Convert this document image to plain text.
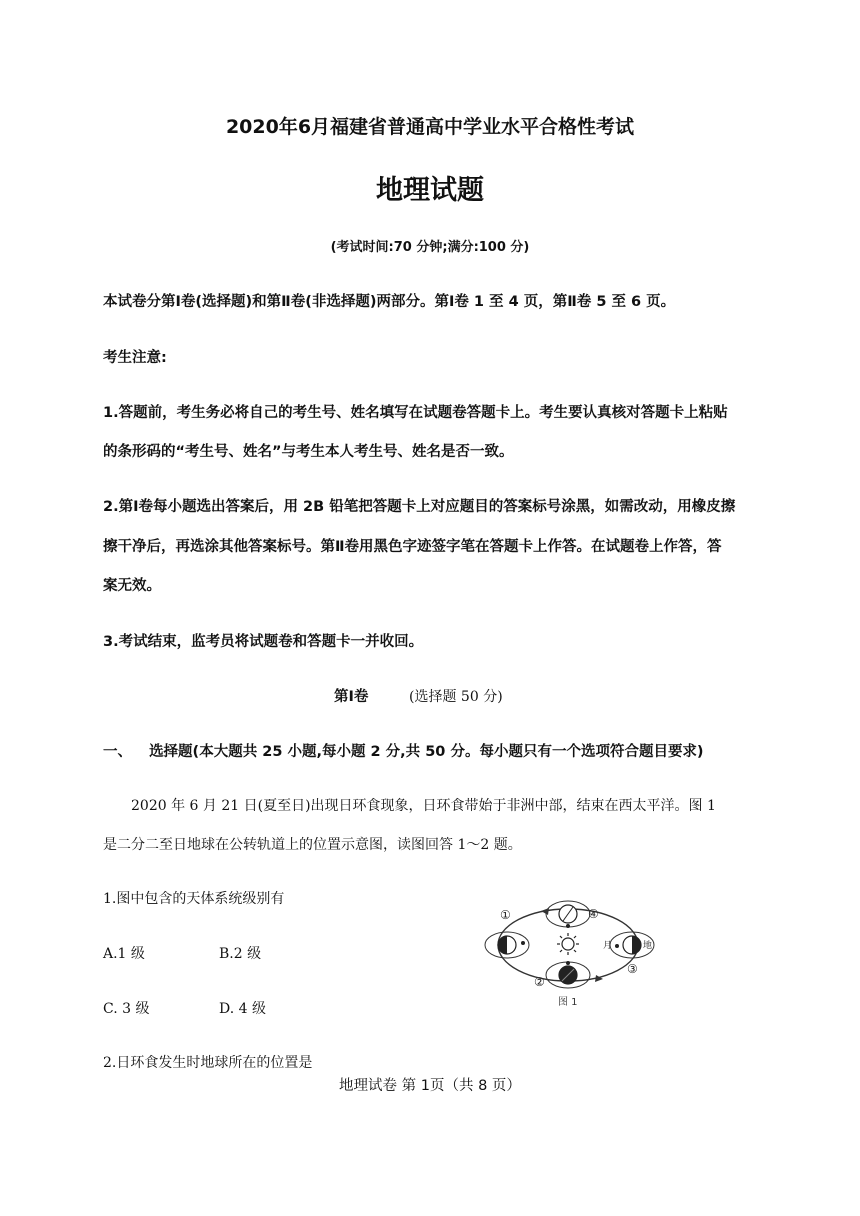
2020年6月福建省普通高中学业水平合格性考试
地理试题
(考试时间:70 分钟;满分:100 分)
本试卷分第Ⅰ卷(选择题)和第Ⅱ卷(非选择题)两部分。第Ⅰ卷 1 至 4 页，第Ⅱ卷 5 至 6 页。
考生注意:
1.答题前，考生务必将自己的考生号、姓名填写在试题卷答题卡上。考生要认真核对答题卡上粘贴
的条形码的“考生号、姓名”与考生本人考生号、姓名是否一致。
2.第Ⅰ卷每小题选出答案后，用 2B 铅笔把答题卡上对应题目的答案标号涂黑，如需改动，用橡皮擦
擦干净后，再选涂其他答案标号。第Ⅱ卷用黑色字迹签字笔在答题卡上作答。在试题卷上作答，答
案无效。
3.考试结束，监考员将试题卷和答题卡一并收回。
第Ⅰ卷	(选择题 50 分)
一、 选择题(本大题共 25 小题,每小题 2 分,共 50 分。每小题只有一个选项符合题目要求)
2020 年 6 月 21 日(夏至日)出现日环食现象，日环食带始于非洲中部，结束在西太平洋。图 1
是二分二至日地球在公转轨道上的位置示意图，读图回答 1～2 题。
1.图中包含的天体系统级别有
A.1 级	B.2 级
C. 3 级	D. 4 级
2.日环食发生时地球所在的位置是
①
②
③
④
月	地
图 1
地理试卷 第 1页（共 8 页）
